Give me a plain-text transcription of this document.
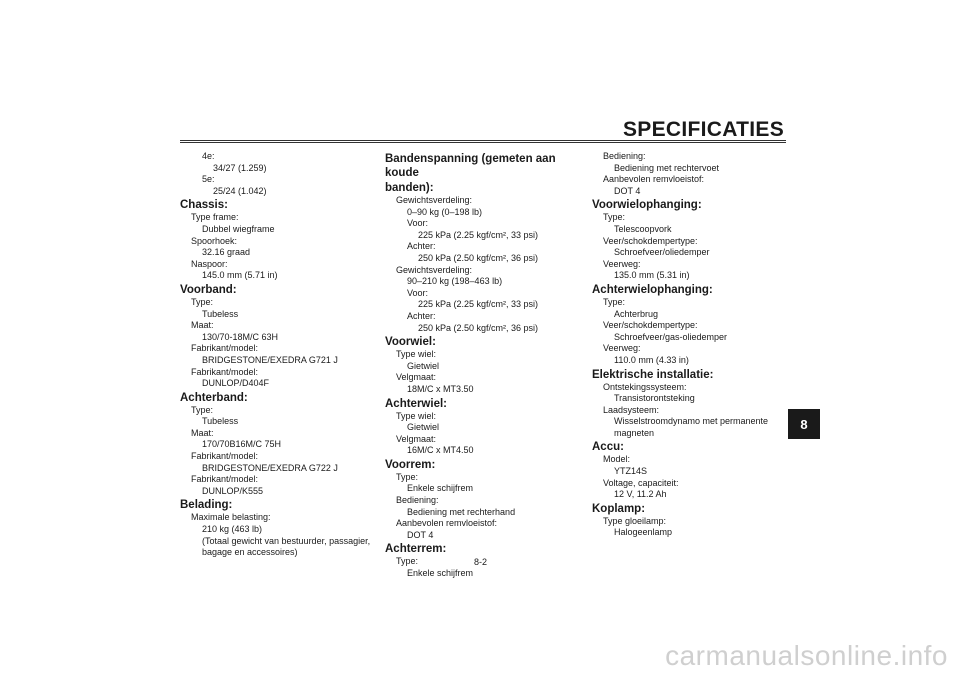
SPECIFICATIES
4e:
34/27 (1.259)
5e:
25/24 (1.042)
Chassis:
Type frame:
Dubbel wiegframe
Spoorhoek:
32.16 graad
Naspoor:
145.0 mm (5.71 in)
Voorband:
Type:
Tubeless
Maat:
130/70-18M/C 63H
Fabrikant/model:
BRIDGESTONE/EXEDRA G721 J
Fabrikant/model:
DUNLOP/D404F
Achterband:
Type:
Tubeless
Maat:
170/70B16M/C 75H
Fabrikant/model:
BRIDGESTONE/EXEDRA G722 J
Fabrikant/model:
DUNLOP/K555
Belading:
Maximale belasting:
210 kg (463 lb)
(Totaal gewicht van bestuurder, passagier,
bagage en accessoires)
Bandenspanning (gemeten aan koude
banden):
Gewichtsverdeling:
0–90 kg (0–198 lb)
Voor:
225 kPa (2.25 kgf/cm², 33 psi)
Achter:
250 kPa (2.50 kgf/cm², 36 psi)
Gewichtsverdeling:
90–210 kg (198–463 lb)
Voor:
225 kPa (2.25 kgf/cm², 33 psi)
Achter:
250 kPa (2.50 kgf/cm², 36 psi)
Voorwiel:
Type wiel:
Gietwiel
Velgmaat:
18M/C x MT3.50
Achterwiel:
Type wiel:
Gietwiel
Velgmaat:
16M/C x MT4.50
Voorrem:
Type:
Enkele schijfrem
Bediening:
Bediening met rechterhand
Aanbevolen remvloeistof:
DOT 4
Achterrem:
Type:
Enkele schijfrem
Bediening:
Bediening met rechtervoet
Aanbevolen remvloeistof:
DOT 4
Voorwielophanging:
Type:
Telescoopvork
Veer/schokdempertype:
Schroefveer/oliedemper
Veerweg:
135.0 mm (5.31 in)
Achterwielophanging:
Type:
Achterbrug
Veer/schokdempertype:
Schroefveer/gas-oliedemper
Veerweg:
110.0 mm (4.33 in)
Elektrische installatie:
Ontstekingssysteem:
Transistorontsteking
Laadsysteem:
Wisselstroomdynamo met permanente
magneten
Accu:
Model:
YTZ14S
Voltage, capaciteit:
12 V, 11.2 Ah
Koplamp:
Type gloeilamp:
Halogeenlamp
8-2
8
carmanualsonline.info
